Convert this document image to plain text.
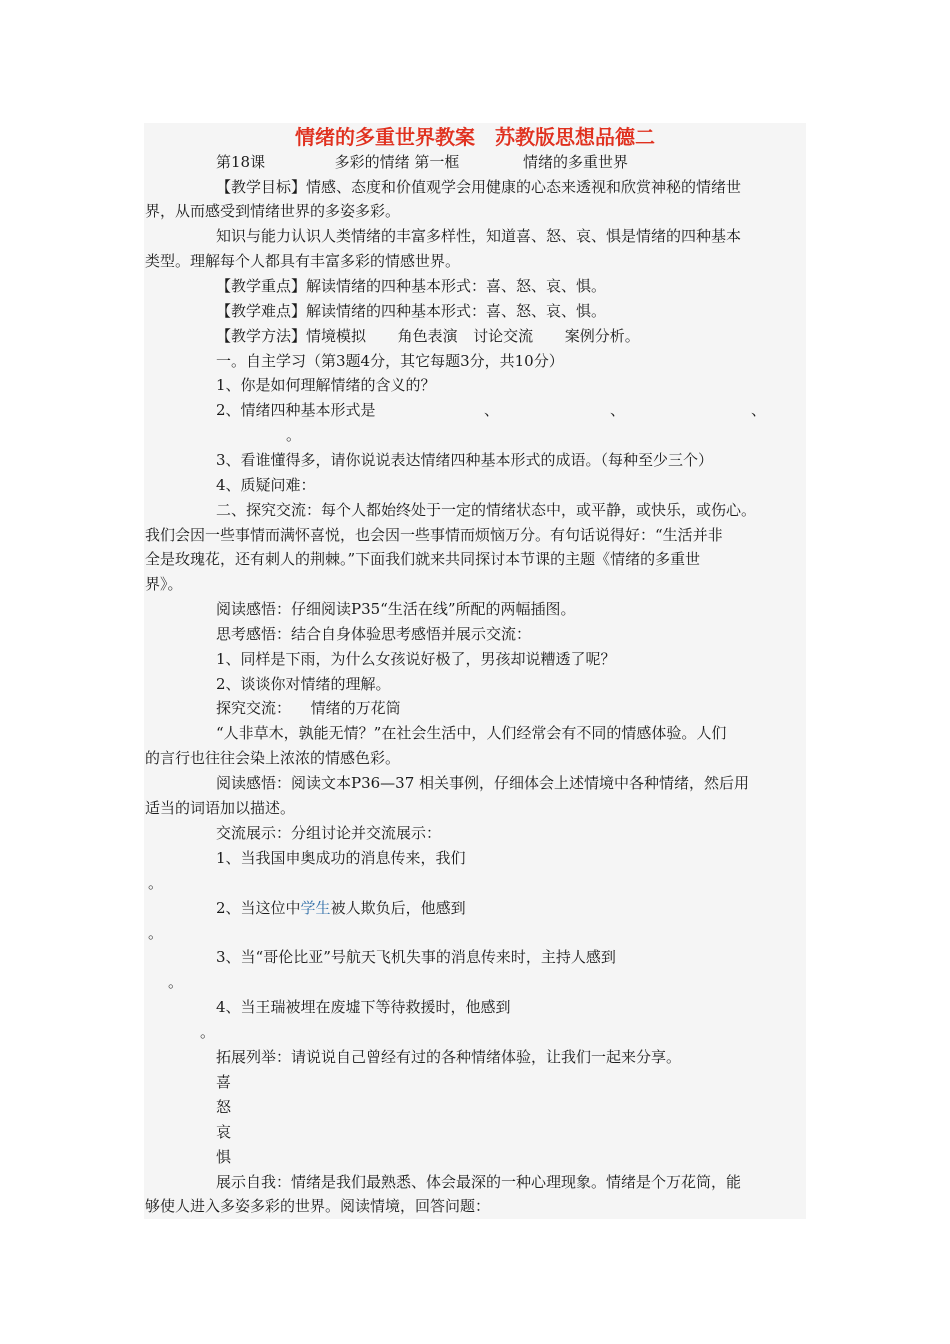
情绪的多重世界教案　苏教版思想品德二
第18课	多彩的情绪 第一框	情绪的多重世界
【教学目标】情感、态度和价值观学会用健康的心态来透视和欣赏神秘的情绪世
界，从而感受到情绪世界的多姿多彩。
知识与能力认识人类情绪的丰富多样性，知道喜、怒、哀、惧是情绪的四种基本
类型。理解每个人都具有丰富多彩的情感世界。
【教学重点】解读情绪的四种基本形式：喜、怒、哀、惧。
【教学难点】解读情绪的四种基本形式：喜、怒、哀、惧。
【教学方法】情境模拟 角色表演 讨论交流 案例分析。
一。自主学习（第3题4分，其它每题3分，共10分）
1、你是如何理解情绪的含义的？
2、情绪四种基本形式是	、	、	、
。
3、看谁懂得多，请你说说表达情绪四种基本形式的成语。（每种至少三个）
4、质疑问难：
二、探究交流：每个人都始终处于一定的情绪状态中，或平静，或快乐，或伤心。
我们会因一些事情而满怀喜悦，也会因一些事情而烦恼万分。有句话说得好：“生活并非
全是玫瑰花，还有刺人的荆棘。”下面我们就来共同探讨本节课的主题《情绪的多重世
界》。
阅读感悟：仔细阅读P35“生活在线”所配的两幅插图。
思考感悟：结合自身体验思考感悟并展示交流：
1、同样是下雨，为什么女孩说好极了，男孩却说糟透了呢？
2、谈谈你对情绪的理解。
探究交流： 情绪的万花筒
“人非草木，孰能无情？”在社会生活中，人们经常会有不同的情感体验。人们
的言行也往往会染上浓浓的情感色彩。
阅读感悟：阅读文本P36—37 相关事例，仔细体会上述情境中各种情绪，然后用
适当的词语加以描述。
交流展示：分组讨论并交流展示：
1、当我国申奥成功的消息传来，我们
。
2、当这位中学生被人欺负后，他感到
。
3、当“哥伦比亚”号航天飞机失事的消息传来时，主持人感到
。
4、当王瑞被埋在废墟下等待救援时，他感到
。
拓展列举：请说说自己曾经有过的各种情绪体验，让我们一起来分享。
喜
怒
哀
惧
展示自我：情绪是我们最熟悉、体会最深的一种心理现象。情绪是个万花筒，能
够使人进入多姿多彩的世界。阅读情境，回答问题：
